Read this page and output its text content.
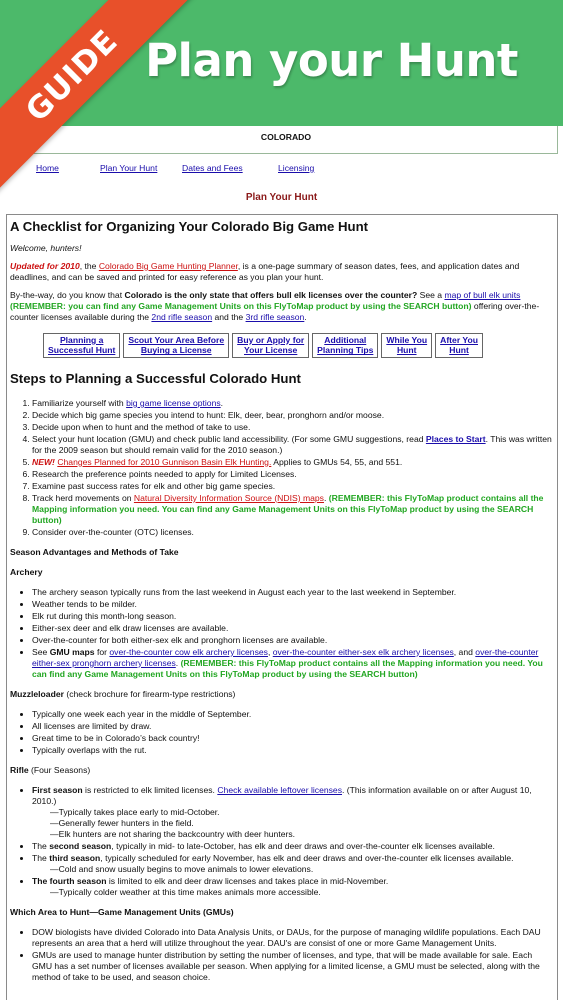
Plan your Hunt
GUIDE
COLORADO
Home	Plan Your Hunt	Dates and Fees	Licensing
Plan Your Hunt
A Checklist for Organizing Your Colorado Big Game Hunt

Welcome, hunters!

Updated for 2010, the Colorado Big Game Hunting Planner, is a one-page summary of season dates, fees, and application dates and deadlines, and can be saved and printed for easy reference as you plan your hunt.

By-the-way, do you know that Colorado is the only state that offers bull elk licenses over the counter? See a map of bull elk units (REMEMBER: you can find any Game Management Units on this FlyToMap product by using the SEARCH button) offering over-the-counter licenses available during the 2nd rifle season and the 3rd rifle season.

Planning a
Successful Hunt	Scout Your Area Before
Buying a License	Buy or Apply for
Your License	Additional
Planning Tips	While You
Hunt	After You
Hunt
Steps to Planning a Successful Colorado Hunt
1. Familiarize yourself with big game license options.
2. Decide which big game species you intend to hunt: Elk, deer, bear, pronghorn and/or moose.
3. Decide upon when to hunt and the method of take to use.
4. Select your hunt location (GMU) and check public land accessibility. (For some GMU suggestions, read Places to Start. This was written for the 2009 season but should remain valid for the 2010 season.)
5. NEW! Changes Planned for 2010 Gunnison Basin Elk Hunting. Applies to GMUs 54, 55, and 551.
6. Research the preference points needed to apply for Limited Licenses.
7. Examine past success rates for elk and other big game species.
8. Track herd movements on Natural Diversity Information Source (NDIS) maps. (REMEMBER: this FlyToMap product contains all the Mapping information you need. You can find any Game Management Units on this FlyToMap product by using the SEARCH button)
9. Consider over-the-counter (OTC) licenses.
Season Advantages and Methods of Take
Archery
• The archery season typically runs from the last weekend in August each year to the last weekend in September.
• Weather tends to be milder.
• Elk rut during this month-long season.
• Either-sex deer and elk draw licenses are available.
• Over-the-counter for both either-sex elk and pronghorn licenses are available.
• See GMU maps for over-the-counter cow elk archery licenses, over-the-counter either-sex elk archery licenses, and over-the-counter either-sex pronghorn archery licenses. (REMEMBER: this FlyToMap product contains all the Mapping information you need. You can find any Game Management Units on this FlyToMap product by using the SEARCH button)
Muzzleloader (check brochure for firearm-type restrictions)
• Typically one week each year in the middle of September.
• All licenses are limited by draw.
• Great time to be in Colorado’s back country!
• Typically overlaps with the rut.
Rifle (Four Seasons)
• First season is restricted to elk limited licenses. Check available leftover licenses. (This information available on or after August 10, 2010.)
—Typically takes place early to mid-October.
—Generally fewer hunters in the field.
—Elk hunters are not sharing the backcountry with deer hunters.
• The second season, typically in mid- to late-October, has elk and deer draws and over-the-counter elk licenses available.
• The third season, typically scheduled for early November, has elk and deer draws and over-the-counter elk licenses available.
—Cold and snow usually begins to move animals to lower elevations.
• The fourth season is limited to elk and deer draw licenses and takes place in mid-November.
—Typically colder weather at this time makes animals more accessible.
Which Area to Hunt—Game Management Units (GMUs)
• DOW biologists have divided Colorado into Data Analysis Units, or DAUs, for the purpose of managing wildlife populations. Each DAU represents an area that a herd will utilize throughout the year. DAU's are consist of one or more Game Management Units.
• GMUs are used to manage hunter distribution by setting the number of licenses, and type, that will be made available for sale. Each GMU has a set number of licenses available per season. When applying for a limited license, a GMU must be selected, along with the method of take to be used, and season choice.
